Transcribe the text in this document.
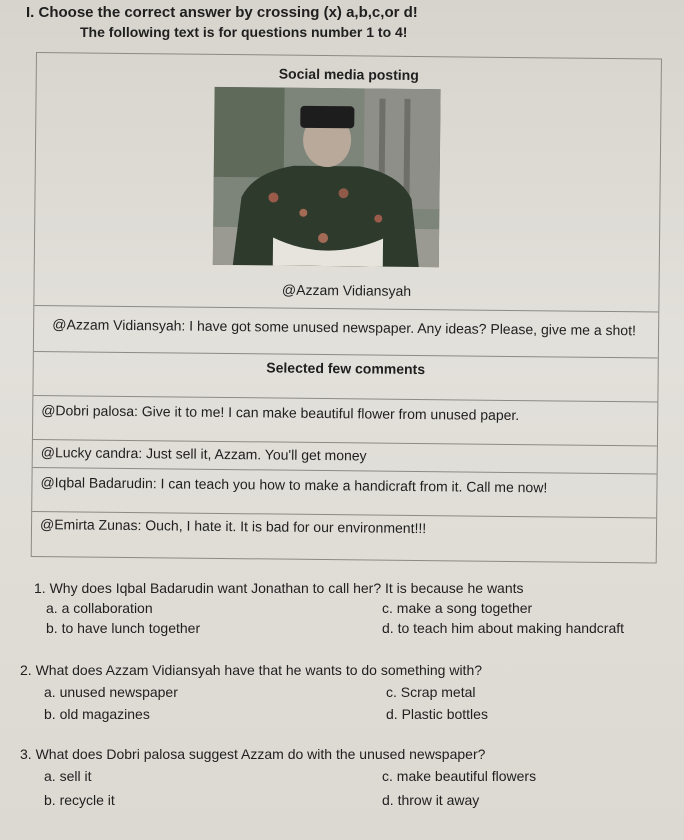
I. Choose the correct answer by crossing (x) a,b,c,or d!
The following text is for questions number 1 to 4!
Social media posting
@Azzam Vidiansyah
@Azzam Vidiansyah: I have got some unused newspaper. Any ideas? Please, give me a shot!
Selected few comments
@Dobri palosa: Give it to me! I can make beautiful flower from unused paper.
@Lucky candra: Just sell it, Azzam. You'll get money
@Iqbal Badarudin: I can teach you how to make a handicraft from it. Call me now!
@Emirta Zunas: Ouch, I hate it. It is bad for our environment!!!
1. Why does Iqbal Badarudin want Jonathan to call her? It is because he wants
a. a collaboration
b. to have lunch together
c. make a song together
d. to teach him about making handcraft
2. What does Azzam Vidiansyah have that he wants to do something with?
a. unused newspaper
b. old magazines
c. Scrap metal
d. Plastic bottles
3. What does Dobri palosa suggest Azzam do with the unused newspaper?
a. sell it
b. recycle it
c. make beautiful flowers
d. throw it away
